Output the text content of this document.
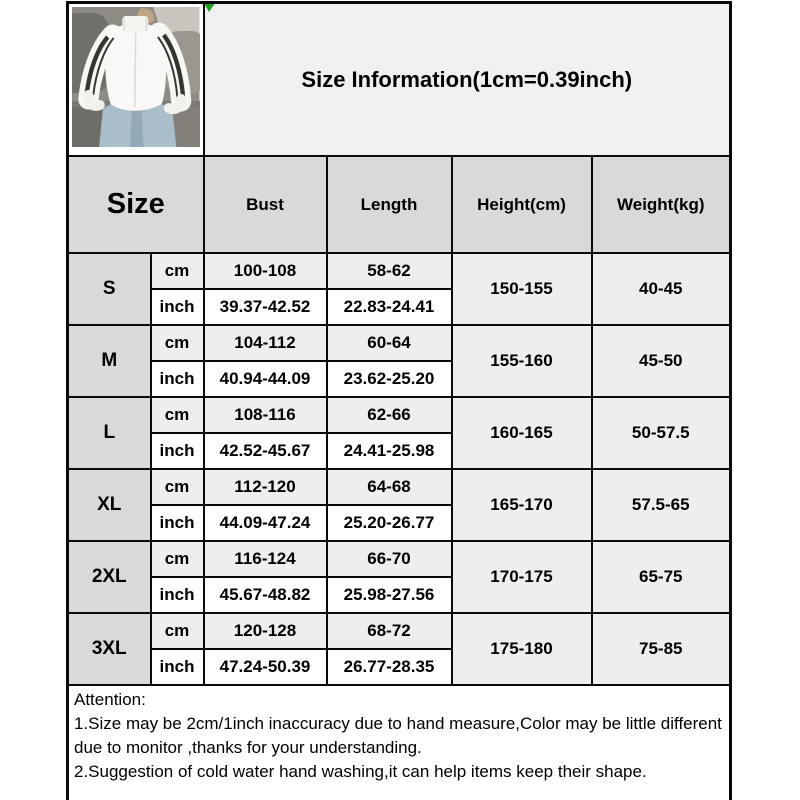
Size Information(1cm=0.39inch)			
Size		Bust	Length	Height(cm)	Weight(kg)
S	cm	100-108	58-62	150-155	40-45
	inch	39.37-42.52	22.83-24.41		
M	cm	104-112	60-64	155-160	45-50
	inch	40.94-44.09	23.62-25.20		
L	cm	108-116	62-66	160-165	50-57.5
	inch	42.52-45.67	24.41-25.98		
XL	cm	112-120	64-68	165-170	57.5-65
	inch	44.09-47.24	25.20-26.77		
2XL	cm	116-124	66-70	170-175	65-75
	inch	45.67-48.82	25.98-27.56		
3XL	cm	120-128	68-72	175-180	75-85
	inch	47.24-50.39	26.77-28.35		

Attention:
1.Size may be 2cm/1inch inaccuracy due to hand measure,Color may be little different due to monitor ,thanks for your understanding.
2.Suggestion of cold water hand washing,it can help items keep their shape.					
